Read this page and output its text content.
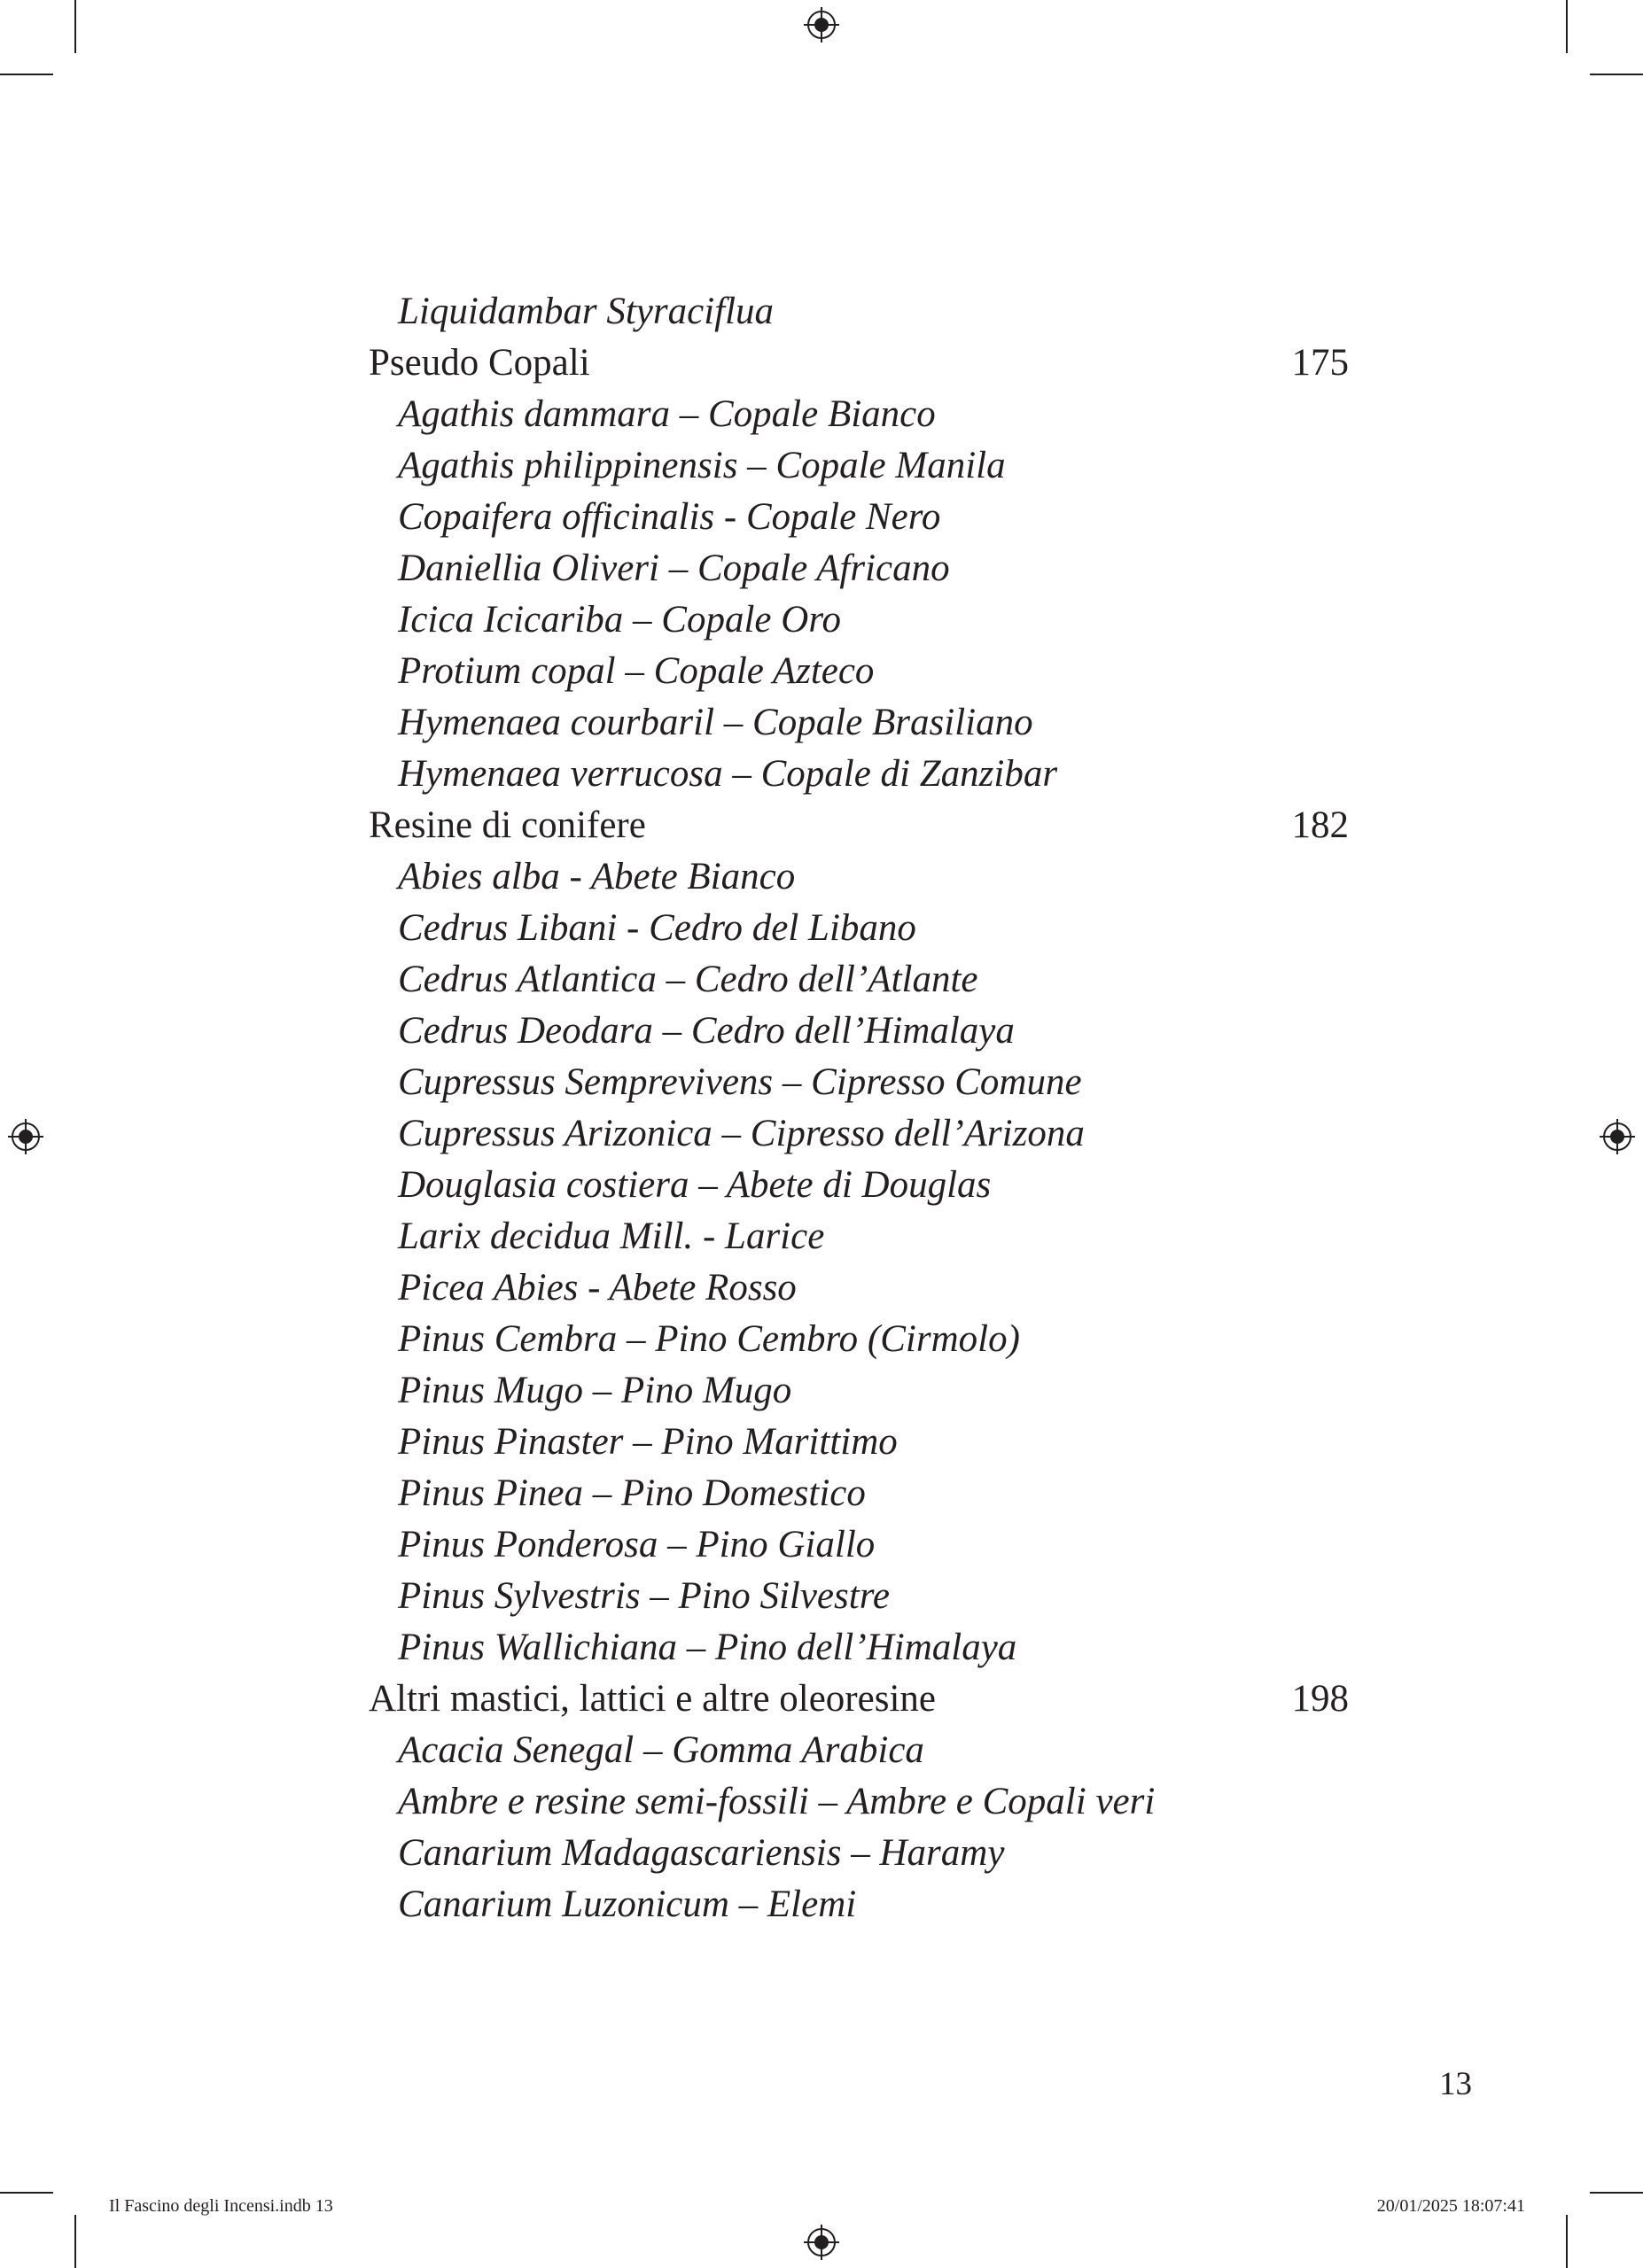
Liquidambar Styraciflua
Pseudo Copali	175
Agathis dammara – Copale Bianco
Agathis philippinensis – Copale Manila
Copaifera officinalis - Copale Nero
Daniellia Oliveri – Copale Africano
Icica Icicariba – Copale Oro
Protium copal – Copale Azteco
Hymenaea courbaril – Copale Brasiliano
Hymenaea verrucosa – Copale di Zanzibar
Resine di conifere	182
Abies alba - Abete Bianco
Cedrus Libani - Cedro del Libano
Cedrus Atlantica – Cedro dell’Atlante
Cedrus Deodara – Cedro dell’Himalaya
Cupressus Semprevivens – Cipresso Comune
Cupressus Arizonica – Cipresso dell’Arizona
Douglasia costiera – Abete di Douglas
Larix decidua Mill. - Larice
Picea Abies - Abete Rosso
Pinus Cembra – Pino Cembro (Cirmolo)
Pinus Mugo – Pino Mugo
Pinus Pinaster – Pino Marittimo
Pinus Pinea – Pino Domestico
Pinus Ponderosa – Pino Giallo
Pinus Sylvestris – Pino Silvestre
Pinus Wallichiana – Pino dell’Himalaya
Altri mastici, lattici e altre oleoresine	198
Acacia Senegal – Gomma Arabica
Ambre e resine semi-fossili – Ambre e Copali veri
Canarium Madagascariensis – Haramy
Canarium Luzonicum – Elemi
13
Il Fascino degli Incensi.indb 13	20/01/2025 18:07:41
